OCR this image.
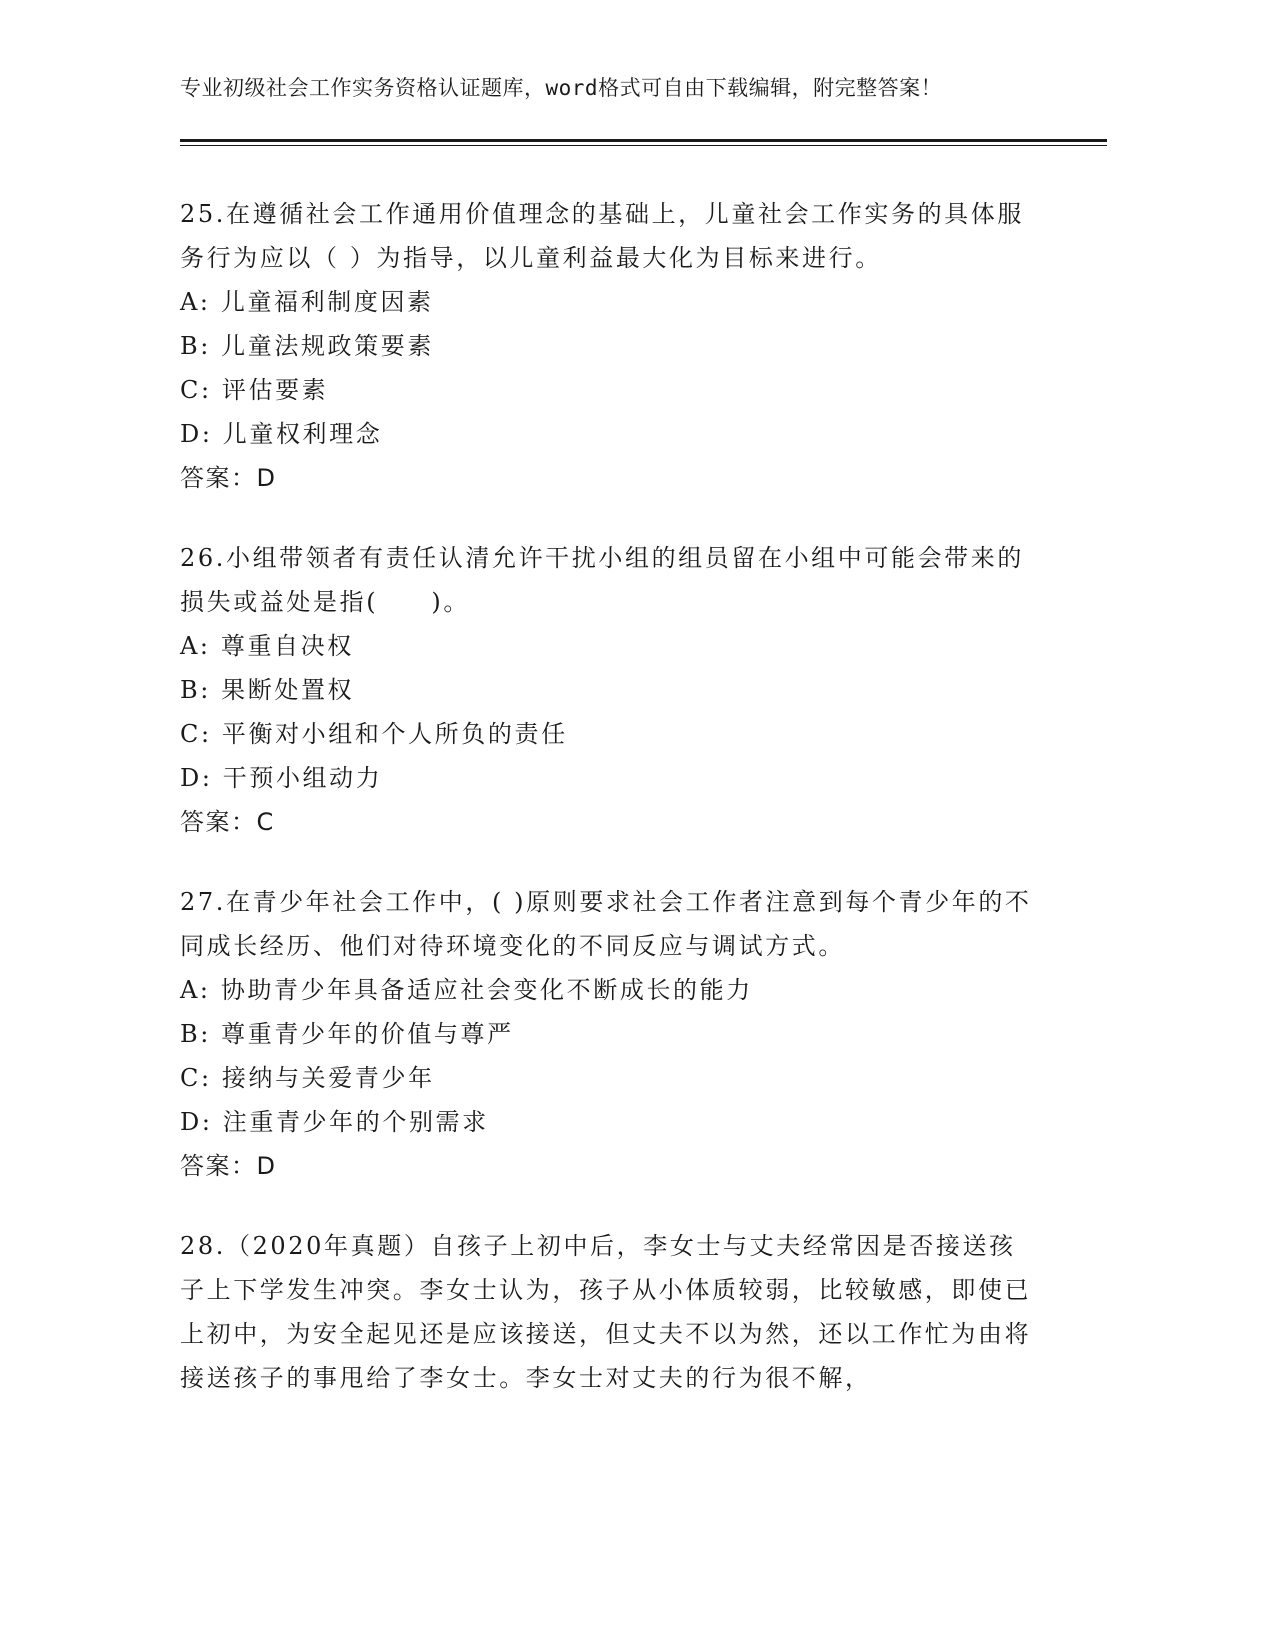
专业初级社会工作实务资格认证题库，word格式可自由下载编辑，附完整答案！

25.在遵循社会工作通用价值理念的基础上，儿童社会工作实务的具体服务行为应以（ ）为指导，以儿童利益最大化为目标来进行。

A: 儿童福利制度因素

B: 儿童法规政策要素

C: 评估要素

D: 儿童权利理念

答案：D

26.小组带领者有责任认清允许干扰小组的组员留在小组中可能会带来的损失或益处是指(　　)。

A: 尊重自决权

B: 果断处置权

C: 平衡对小组和个人所负的责任

D: 干预小组动力

答案：C

27.在青少年社会工作中，( )原则要求社会工作者注意到每个青少年的不同成长经历、他们对待环境变化的不同反应与调试方式。

A: 协助青少年具备适应社会变化不断成长的能力

B: 尊重青少年的价值与尊严

C: 接纳与关爱青少年

D: 注重青少年的个别需求

答案：D

28.（2020年真题）自孩子上初中后，李女士与丈夫经常因是否接送孩子上下学发生冲突。李女士认为，孩子从小体质较弱，比较敏感，即使已上初中，为安全起见还是应该接送，但丈夫不以为然，还以工作忙为由将接送孩子的事甩给了李女士。李女士对丈夫的行为很不解，
